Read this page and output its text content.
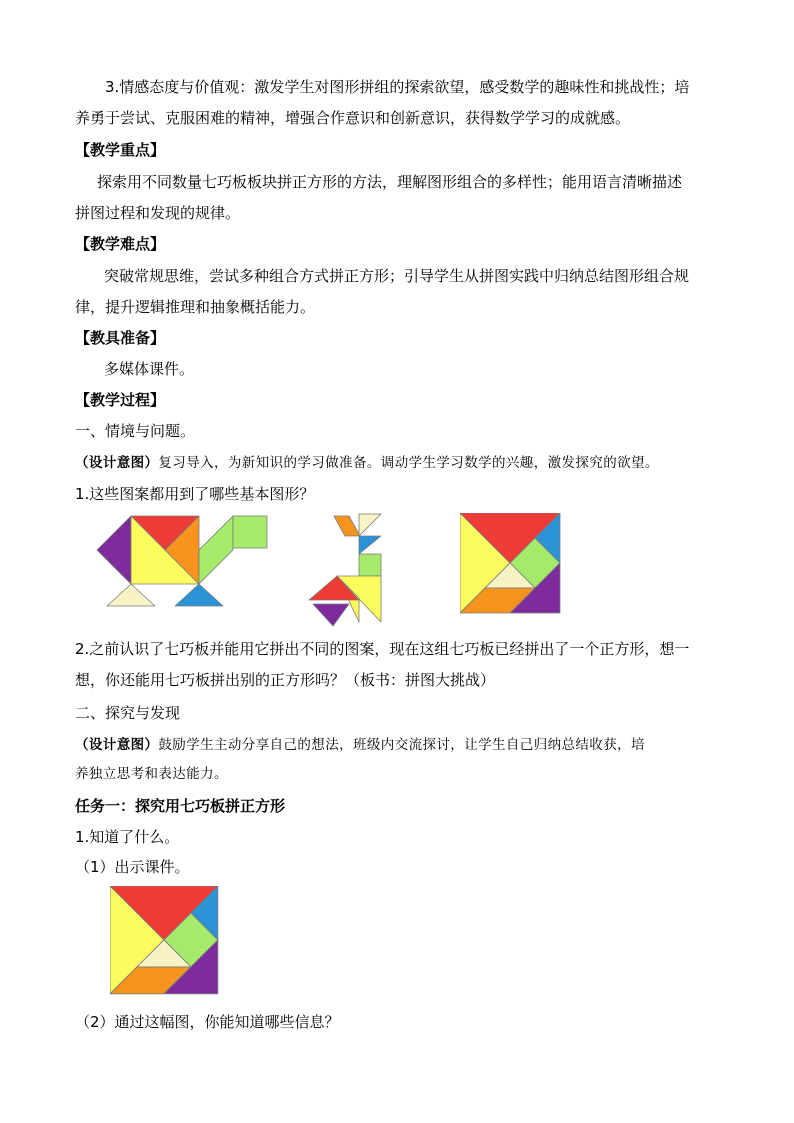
3.情感态度与价值观：激发学生对图形拼组的探索欲望，感受数学的趣味性和挑战性；培
养勇于尝试、克服困难的精神，增强合作意识和创新意识，获得数学学习的成就感。
【教学重点】
探索用不同数量七巧板板块拼正方形的方法，理解图形组合的多样性；能用语言清晰描述
拼图过程和发现的规律。
【教学难点】
突破常规思维，尝试多种组合方式拼正方形；引导学生从拼图实践中归纳总结图形组合规
律，提升逻辑推理和抽象概括能力。
【教具准备】
多媒体课件。
【教学过程】
一、情境与问题。
（设计意图）复习导入，为新知识的学习做准备。调动学生学习数学的兴趣，激发探究的欲望。
1.这些图案都用到了哪些基本图形？
2.之前认识了七巧板并能用它拼出不同的图案，现在这组七巧板已经拼出了一个正方形，想一
想，你还能用七巧板拼出别的正方形吗？（板书：拼图大挑战）
二、探究与发现
（设计意图）鼓励学生主动分享自己的想法，班级内交流探讨，让学生自己归纳总结收获，培
养独立思考和表达能力。
任务一：探究用七巧板拼正方形
1.知道了什么。
（1）出示课件。
（2）通过这幅图，你能知道哪些信息？
